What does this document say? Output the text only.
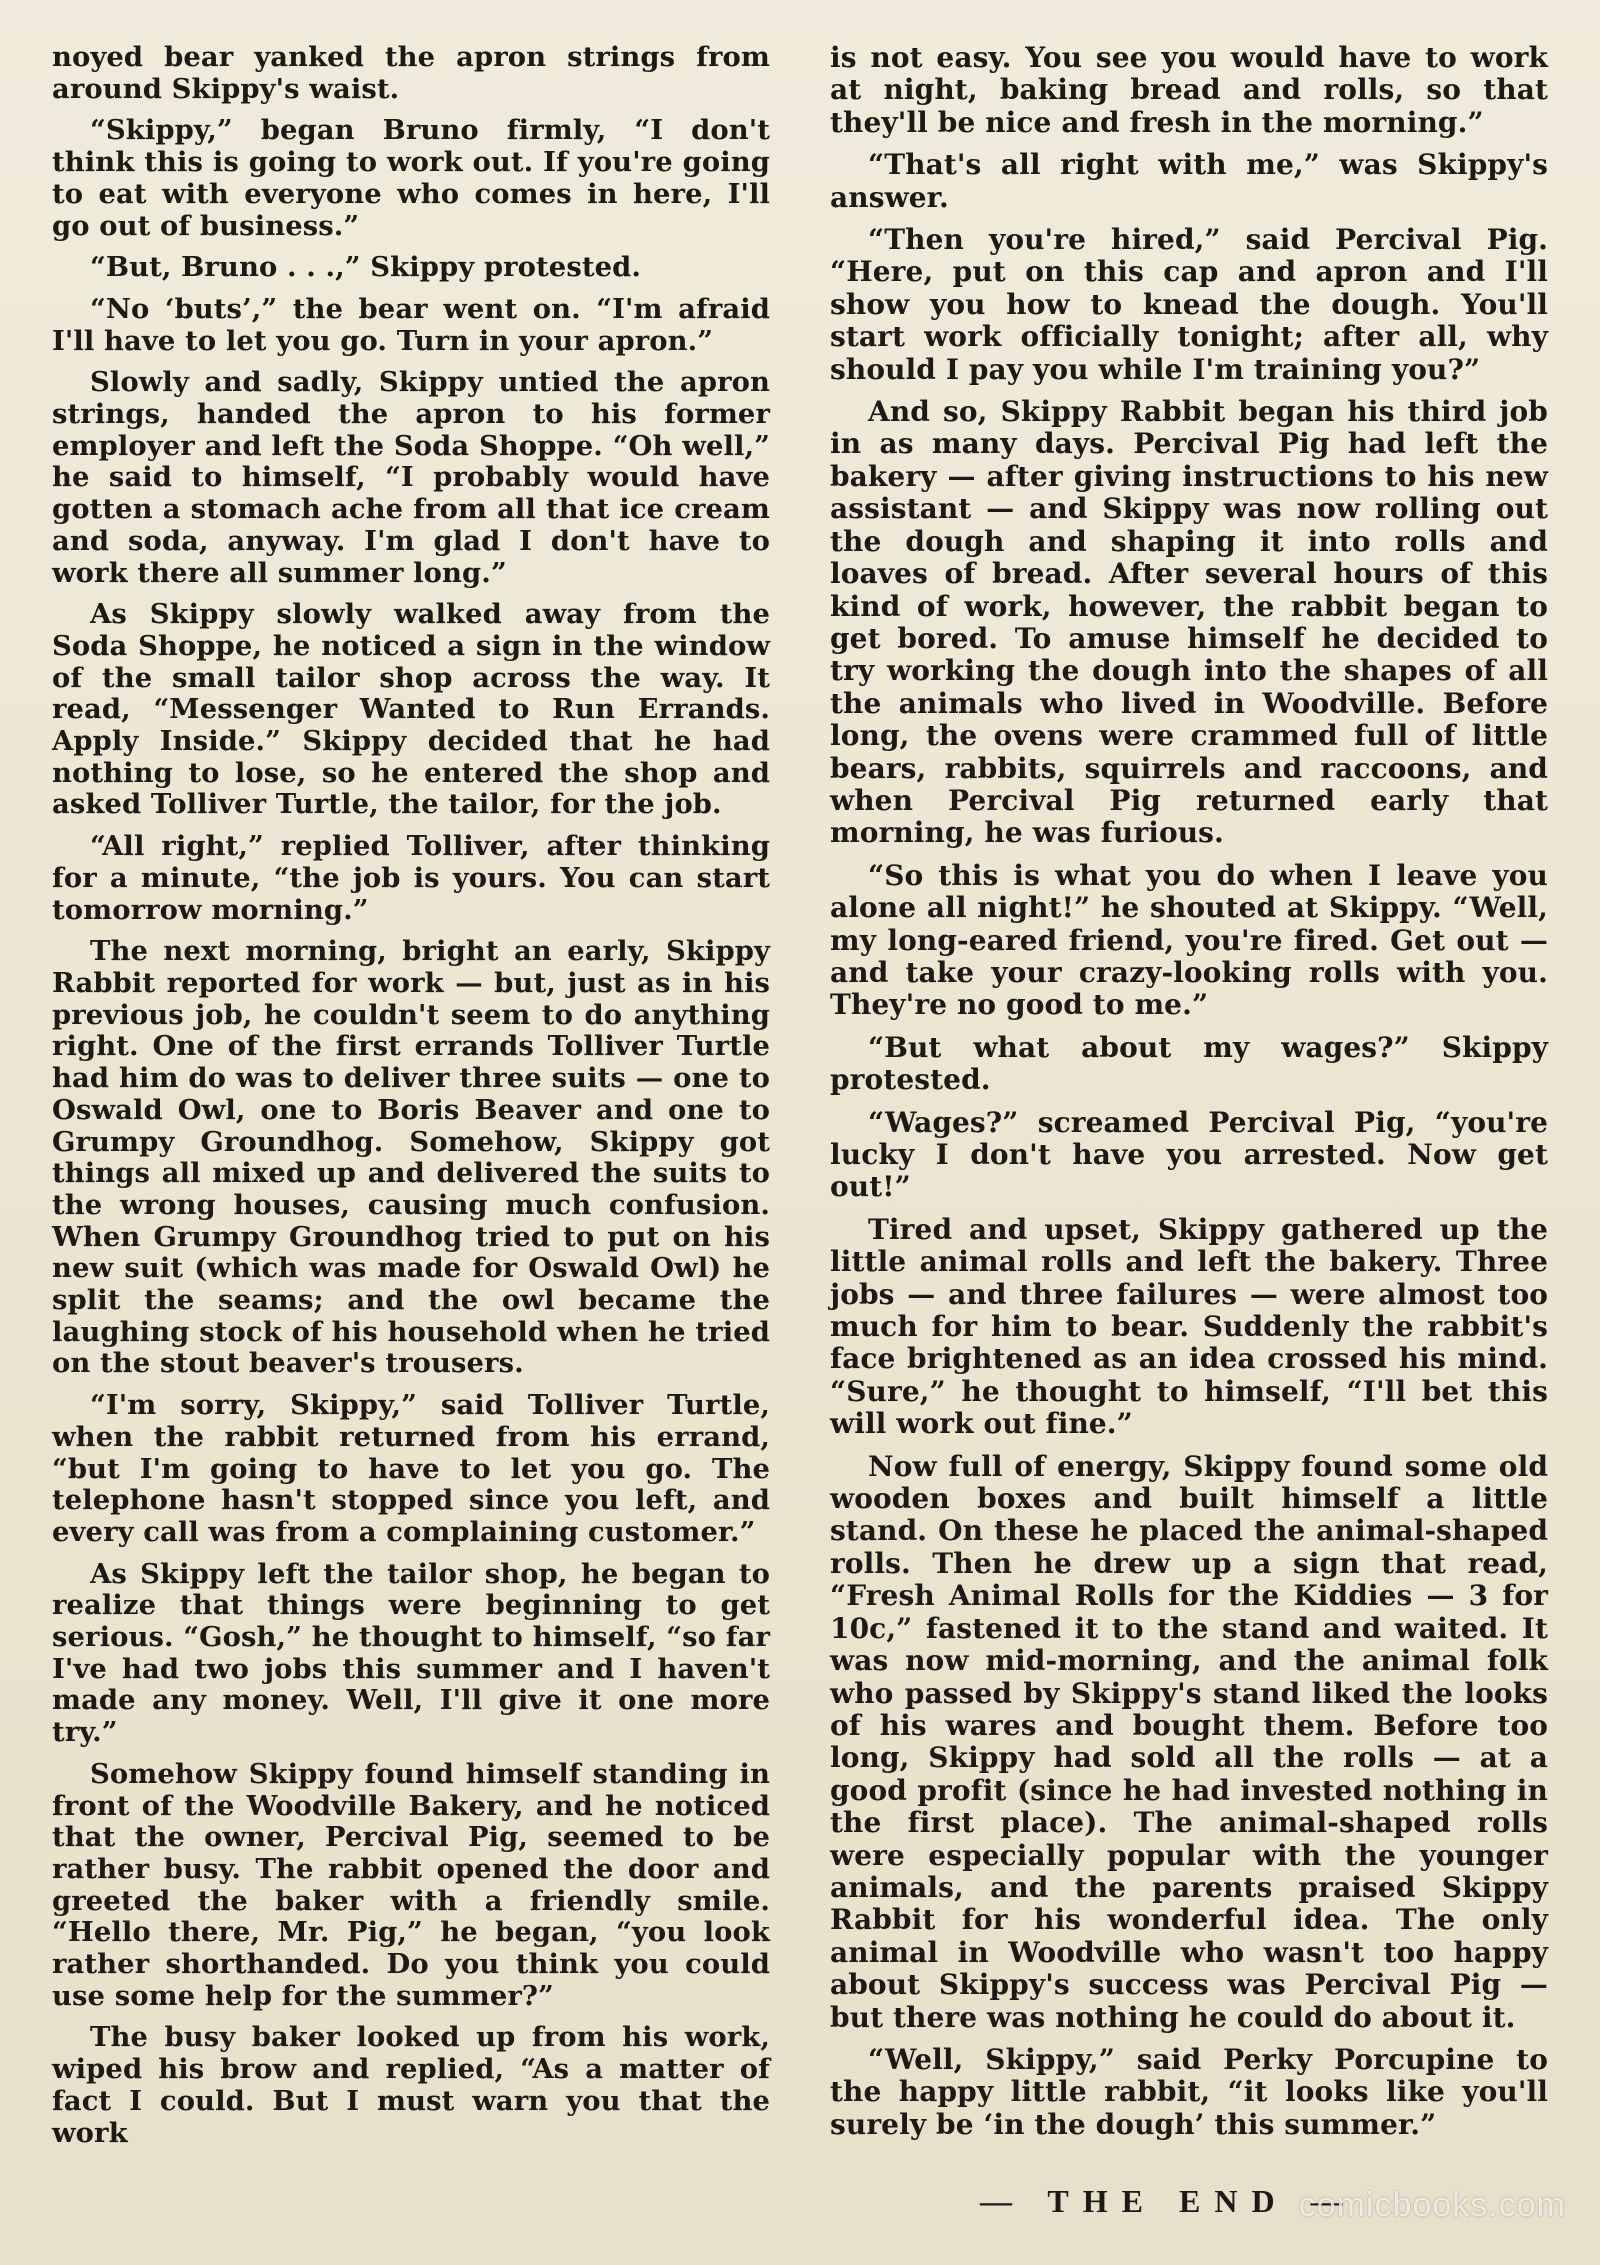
noyed bear yanked the apron strings from around Skippy's waist.

“Skippy,” began Bruno firmly, “I don't think this is going to work out. If you're going to eat with everyone who comes in here, I'll go out of business.”

“But, Bruno . . .,” Skippy protested.

“No ‘buts’,” the bear went on. “I'm afraid I'll have to let you go. Turn in your apron.”

Slowly and sadly, Skippy untied the apron strings, handed the apron to his former employer and left the Soda Shoppe. “Oh well,” he said to himself, “I probably would have gotten a stomach ache from all that ice cream and soda, anyway. I'm glad I don't have to work there all summer long.”

As Skippy slowly walked away from the Soda Shoppe, he noticed a sign in the window of the small tailor shop across the way. It read, “Messenger Wanted to Run Errands. Apply Inside.” Skippy decided that he had nothing to lose, so he entered the shop and asked Tolliver Turtle, the tailor, for the job.

“All right,” replied Tolliver, after thinking for a minute, “the job is yours. You can start tomorrow morning.”

The next morning, bright an early, Skippy Rabbit reported for work — but, just as in his previous job, he couldn't seem to do anything right. One of the first errands Tolliver Turtle had him do was to deliver three suits — one to Oswald Owl, one to Boris Beaver and one to Grumpy Groundhog. Somehow, Skippy got things all mixed up and delivered the suits to the wrong houses, causing much confusion. When Grumpy Groundhog tried to put on his new suit (which was made for Oswald Owl) he split the seams; and the owl became the laughing stock of his household when he tried on the stout beaver's trousers.

“I'm sorry, Skippy,” said Tolliver Turtle, when the rabbit returned from his errand, “but I'm going to have to let you go. The telephone hasn't stopped since you left, and every call was from a complaining customer.”

As Skippy left the tailor shop, he began to realize that things were beginning to get serious. “Gosh,” he thought to himself, “so far I've had two jobs this summer and I haven't made any money. Well, I'll give it one more try.”

Somehow Skippy found himself standing in front of the Woodville Bakery, and he noticed that the owner, Percival Pig, seemed to be rather busy. The rabbit opened the door and greeted the baker with a friendly smile. “Hello there, Mr. Pig,” he began, “you look rather shorthanded. Do you think you could use some help for the summer?”

The busy baker looked up from his work, wiped his brow and replied, “As a matter of fact I could. But I must warn you that the work

is not easy. You see you would have to work at night, baking bread and rolls, so that they'll be nice and fresh in the morning.”

“That's all right with me,” was Skippy's answer.

“Then you're hired,” said Percival Pig. “Here, put on this cap and apron and I'll show you how to knead the dough. You'll start work officially tonight; after all, why should I pay you while I'm training you?”

And so, Skippy Rabbit began his third job in as many days. Percival Pig had left the bakery — after giving instructions to his new assistant — and Skippy was now rolling out the dough and shaping it into rolls and loaves of bread. After several hours of this kind of work, however, the rabbit began to get bored. To amuse himself he decided to try working the dough into the shapes of all the animals who lived in Woodville. Before long, the ovens were crammed full of little bears, rabbits, squirrels and raccoons, and when Percival Pig returned early that morning, he was furious.

“So this is what you do when I leave you alone all night!” he shouted at Skippy. “Well, my long-eared friend, you're fired. Get out — and take your crazy-looking rolls with you. They're no good to me.”

“But what about my wages?” Skippy protested.

“Wages?” screamed Percival Pig, “you're lucky I don't have you arrested. Now get out!”

Tired and upset, Skippy gathered up the little animal rolls and left the bakery. Three jobs — and three failures — were almost too much for him to bear. Suddenly the rabbit's face brightened as an idea crossed his mind. “Sure,” he thought to himself, “I'll bet this will work out fine.”

Now full of energy, Skippy found some old wooden boxes and built himself a little stand. On these he placed the animal-shaped rolls. Then he drew up a sign that read, “Fresh Animal Rolls for the Kiddies — 3 for 10c,” fastened it to the stand and waited. It was now mid-morning, and the animal folk who passed by Skippy's stand liked the looks of his wares and bought them. Before too long, Skippy had sold all the rolls — at a good profit (since he had invested nothing in the first place). The animal-shaped rolls were especially popular with the younger animals, and the parents praised Skippy Rabbit for his wonderful idea. The only animal in Woodville who wasn't too happy about Skippy's success was Percival Pig — but there was nothing he could do about it.

“Well, Skippy,” said Perky Porcupine to the happy little rabbit, “it looks like you'll surely be ‘in the dough’ this summer.”

— THE END —
comicbooks.com
